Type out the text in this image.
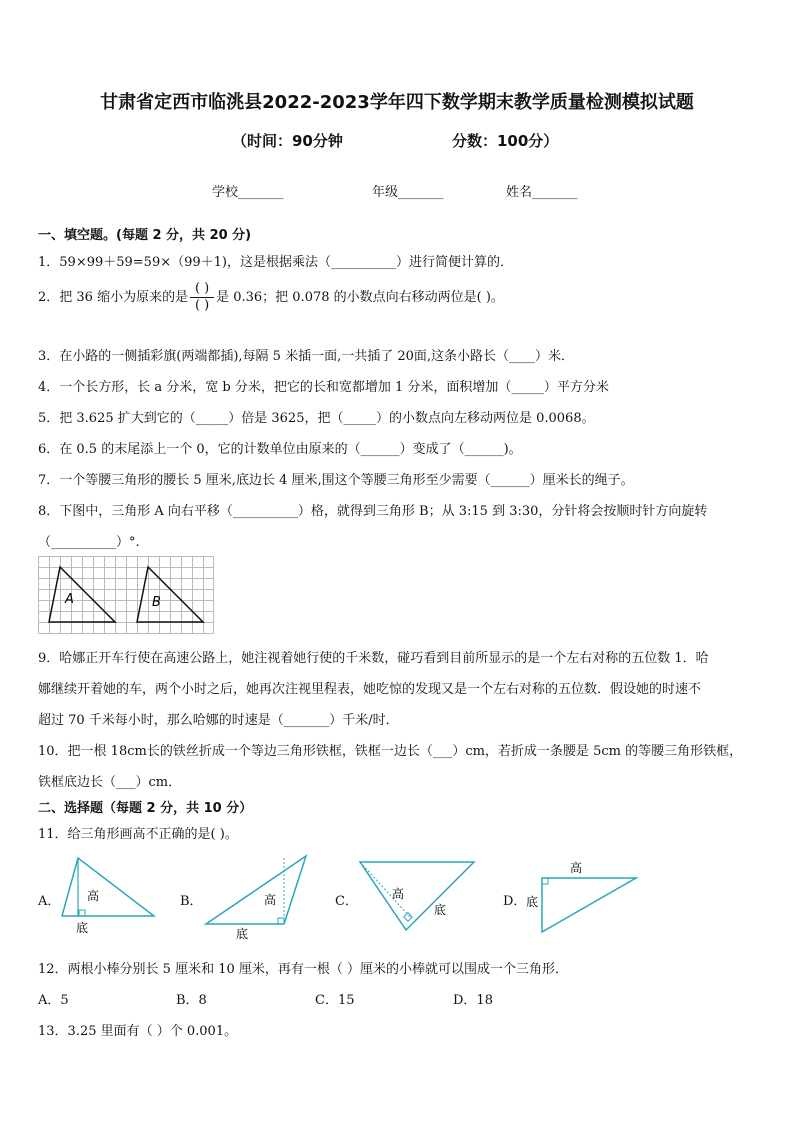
甘肃省定西市临洮县2022-2023学年四下数学期末教学质量检测模拟试题
（时间：90分钟	分数：100分）
学校_______	年级_______	姓名_______
一、填空题。(每题 2 分，共 20 分)
1．59×99＋59=59×（99＋1)，这是根据乘法（__________）进行简便计算的．
2．把 36 缩小为原来的是 $\frac{( )}{( )}$ 是 0.36；把 0.078 的小数点向右移动两位是( )。
3．在小路的一侧插彩旗(两端都插),每隔 5 米插一面,一共插了 20面,这条小路长（____）米．
4．一个长方形，长 a 分米，宽 b 分米，把它的长和宽都增加 1 分米，面积增加（_____）平方分米
5．把 3.625 扩大到它的（_____）倍是 3625，把（_____）的小数点向左移动两位是 0.0068。
6．在 0.5 的末尾添上一个 0，它的计数单位由原来的（______）变成了（______)。
7．一个等腰三角形的腰长 5 厘米,底边长 4 厘米,围这个等腰三角形至少需要（______）厘米长的绳子。
8．下图中，三角形 A 向右平移（__________）格，就得到三角形 B；从 3:15 到 3:30，分针将会按顺时针方向旋转
（__________）°.
A	B
9．哈娜正开车行使在高速公路上，她注视着她行使的千米数，碰巧看到目前所显示的是一个左右对称的五位数 1．哈
娜继续开着她的车，两个小时之后，她再次注视里程表，她吃惊的发现又是一个左右对称的五位数．假设她的时速不
超过 70 千米每小时，那么哈娜的时速是（_______）千米/时．
10．把一根 18cm长的铁丝折成一个等边三角形铁框，铁框一边长（___）cm，若折成一条腰是 5cm 的等腰三角形铁框，
铁框底边长（___）cm．
二、选择题（每题 2 分，共 10 分）
11．给三角形画高不正确的是( )。
A． 高
底
B．	高
底
C．	高
底
D．
高
底
12．两根小棒分别长 5 厘米和 10 厘米，再有一根（ ）厘米的小棒就可以围成一个三角形．
A．5	B．8	C．15	D．18
13．3.25 里面有（ ）个 0.001。
